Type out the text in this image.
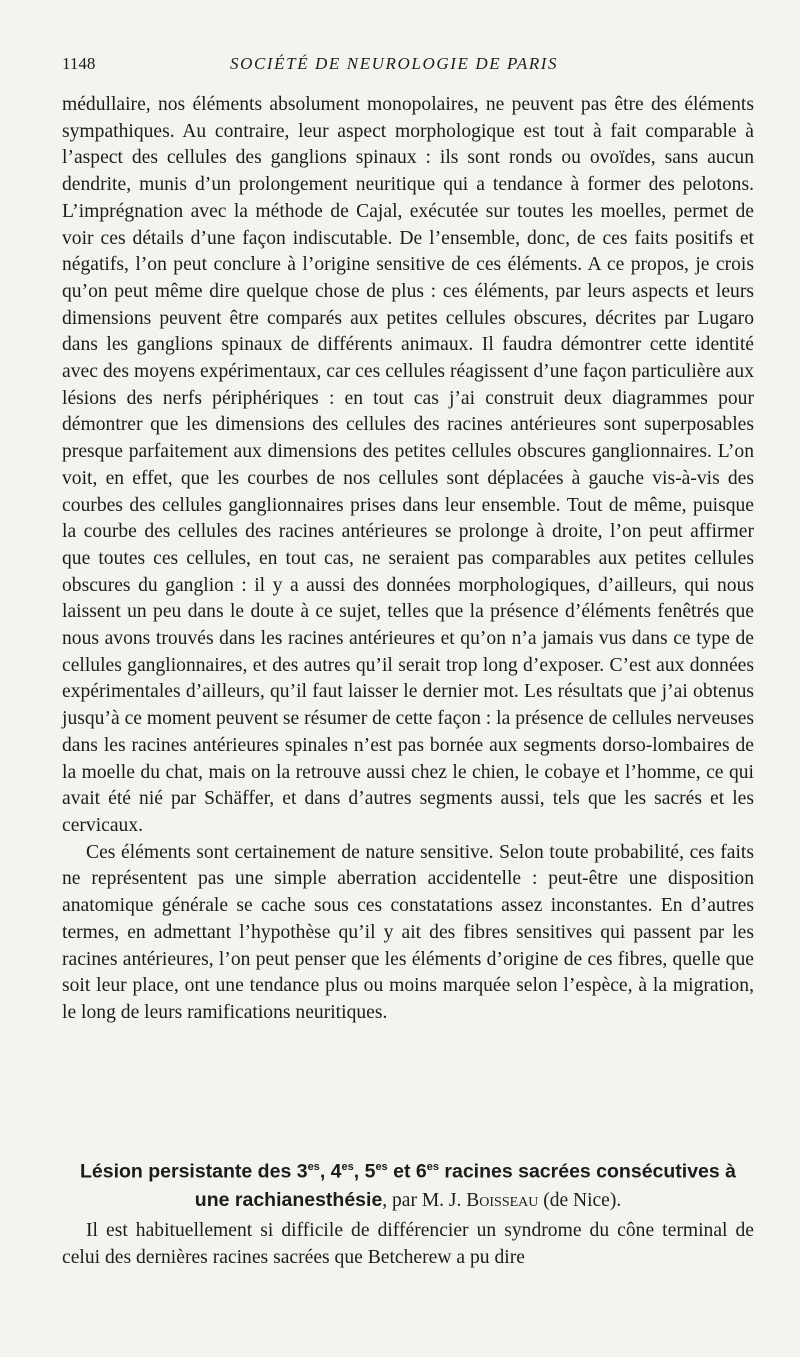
1148	SOCIÉTÉ DE NEUROLOGIE DE PARIS

médullaire, nos éléments absolument monopolaires, ne peuvent pas être des éléments sympathiques. Au contraire, leur aspect morphologique est tout à fait comparable à l’aspect des cellules des ganglions spinaux : ils sont ronds ou ovoïdes, sans aucun dendrite, munis d’un prolongement neuritique qui a tendance à former des pelotons. L’imprégnation avec la méthode de Cajal, exécutée sur toutes les moelles, permet de voir ces détails d’une façon indiscutable. De l’ensemble, donc, de ces faits positifs et négatifs, l’on peut conclure à l’origine sensitive de ces éléments. A ce propos, je crois qu’on peut même dire quelque chose de plus : ces éléments, par leurs aspects et leurs dimensions peuvent être comparés aux petites cellules obscures, décrites par Lugaro dans les ganglions spinaux de différents animaux. Il faudra démontrer cette identité avec des moyens expérimentaux, car ces cellules réagissent d’une façon particulière aux lésions des nerfs périphériques : en tout cas j’ai construit deux diagrammes pour démontrer que les dimensions des cellules des racines antérieures sont superposables presque parfaitement aux dimensions des petites cellules obscures ganglionnaires. L’on voit, en effet, que les courbes de nos cellules sont déplacées à gauche vis-à-vis des courbes des cellules ganglionnaires prises dans leur ensemble. Tout de même, puisque la courbe des cellules des racines antérieures se prolonge à droite, l’on peut affirmer que toutes ces cellules, en tout cas, ne seraient pas comparables aux petites cellules obscures du ganglion : il y a aussi des données morphologiques, d’ailleurs, qui nous laissent un peu dans le doute à ce sujet, telles que la présence d’éléments fenêtrés que nous avons trouvés dans les racines antérieures et qu’on n’a jamais vus dans ce type de cellules ganglionnaires, et des autres qu’il serait trop long d’exposer. C’est aux données expérimentales d’ailleurs, qu’il faut laisser le dernier mot. Les résultats que j’ai obtenus jusqu’à ce moment peuvent se résumer de cette façon : la présence de cellules nerveuses dans les racines antérieures spinales n’est pas bornée aux segments dorso-lombaires de la moelle du chat, mais on la retrouve aussi chez le chien, le cobaye et l’homme, ce qui avait été nié par Schäffer, et dans d’autres segments aussi, tels que les sacrés et les cervicaux.

Ces éléments sont certainement de nature sensitive. Selon toute probabilité, ces faits ne représentent pas une simple aberration accidentelle : peut-être une disposition anatomique générale se cache sous ces constatations assez inconstantes. En d’autres termes, en admettant l’hypothèse qu’il y ait des fibres sensitives qui passent par les racines antérieures, l’on peut penser que les éléments d’origine de ces fibres, quelle que soit leur place, ont une tendance plus ou moins marquée selon l’espèce, à la migration, le long de leurs ramifications neuritiques.

Lésion persistante des $3^{es}$, $4^{es}$, $5^{es}$ et $6^{es}$ racines sacrées consécutives à une rachianesthésie, par M. J. Boisseau (de Nice).

Il est habituellement si difficile de différencier un syndrome du cône terminal de celui des dernières racines sacrées que Betcherew a pu dire
